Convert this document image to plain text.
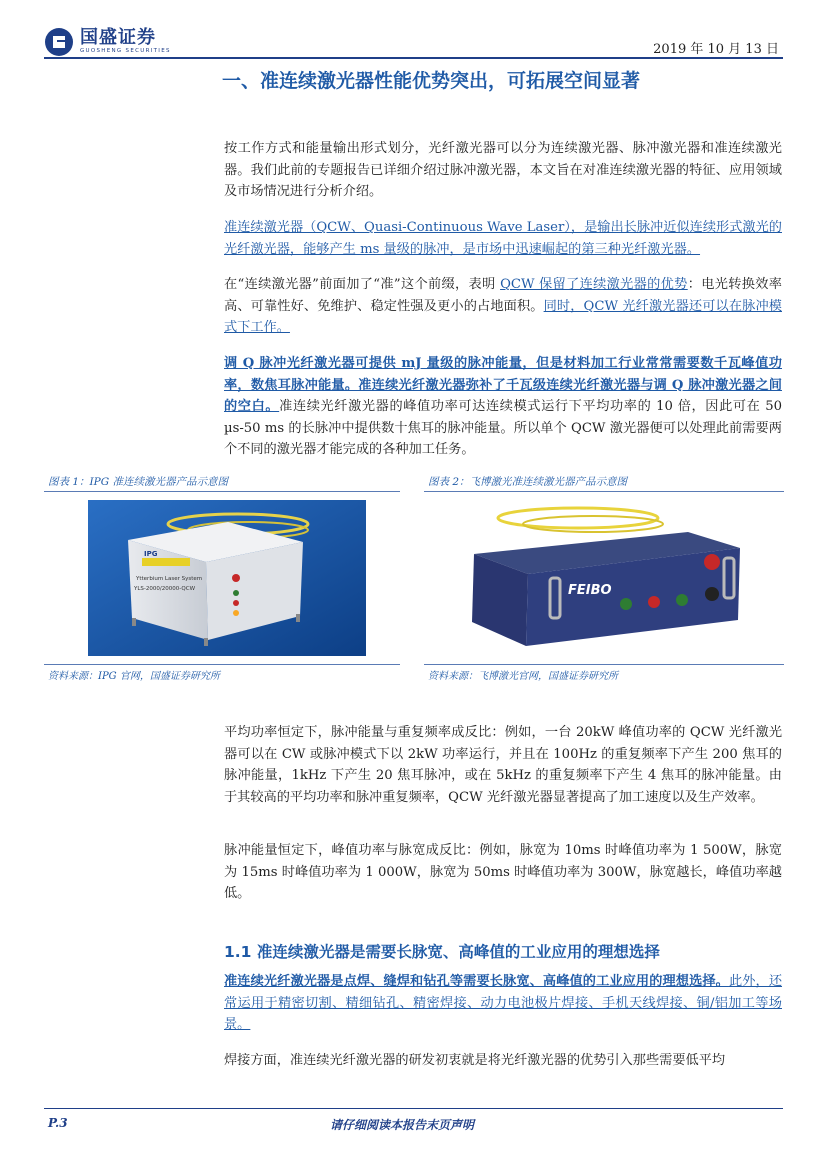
国盛证券
GUOSHENG SECURITIES	2019 年 10 月 13 日
一、准连续激光器性能优势突出，可拓展空间显著

按工作方式和能量输出形式划分，光纤激光器可以分为连续激光器、脉冲激光器和准连续激光器。我们此前的专题报告已详细介绍过脉冲激光器，本文旨在对准连续激光器的特征、应用领域及市场情况进行分析介绍。

准连续激光器（QCW、Quasi-Continuous Wave Laser），是输出长脉冲近似连续形式激光的光纤激光器，能够产生 ms 量级的脉冲，是市场中迅速崛起的第三种光纤激光器。

在“连续激光器”前面加了“准”这个前缀，表明 QCW 保留了连续激光器的优势：电光转换效率高、可靠性好、免维护、稳定性强及更小的占地面积。同时，QCW 光纤激光器还可以在脉冲模式下工作。

调 Q 脉冲光纤激光器可提供 mJ 量级的脉冲能量，但是材料加工行业常常需要数千瓦峰值功率，数焦耳脉冲能量。准连续光纤激光器弥补了千瓦级连续光纤激光器与调 Q 脉冲激光器之间的空白。准连续光纤激光器的峰值功率可达连续模式运行下平均功率的 10 倍，因此可在 50 µs-50 ms 的长脉冲中提供数十焦耳的脉冲能量。所以单个 QCW 激光器便可以处理此前需要两个不同的激光器才能完成的各种加工任务。

图表 1：IPG 准连续激光器产品示意图
IPG
Ytterbium Laser System
YLS-2000/20000-QCW
资料来源：IPG 官网，国盛证券研究所
图表 2：飞博激光准连续激光器产品示意图
FEIBO
资料来源：飞博激光官网，国盛证券研究所

平均功率恒定下，脉冲能量与重复频率成反比：例如，一台 20kW 峰值功率的 QCW 光纤激光器可以在 CW 或脉冲模式下以 2kW 功率运行，并且在 100Hz 的重复频率下产生 200 焦耳的脉冲能量，1kHz 下产生 20 焦耳脉冲，或在 5kHz 的重复频率下产生 4 焦耳的脉冲能量。由于其较高的平均功率和脉冲重复频率，QCW 光纤激光器显著提高了加工速度以及生产效率。

脉冲能量恒定下，峰值功率与脉宽成反比：例如，脉宽为 10ms 时峰值功率为 1 500W，脉宽为 15ms 时峰值功率为 1 000W，脉宽为 50ms 时峰值功率为 300W，脉宽越长，峰值功率越低。

1.1 准连续激光器是需要长脉宽、高峰值的工业应用的理想选择

准连续光纤激光器是点焊、缝焊和钻孔等需要长脉宽、高峰值的工业应用的理想选择。此外，还常运用于精密切割、精细钻孔、精密焊接、动力电池极片焊接、手机天线焊接、铜/铝加工等场景。

焊接方面，准连续光纤激光器的研发初衷就是将光纤激光器的优势引入那些需要低平均

P.3	请仔细阅读本报告末页声明
